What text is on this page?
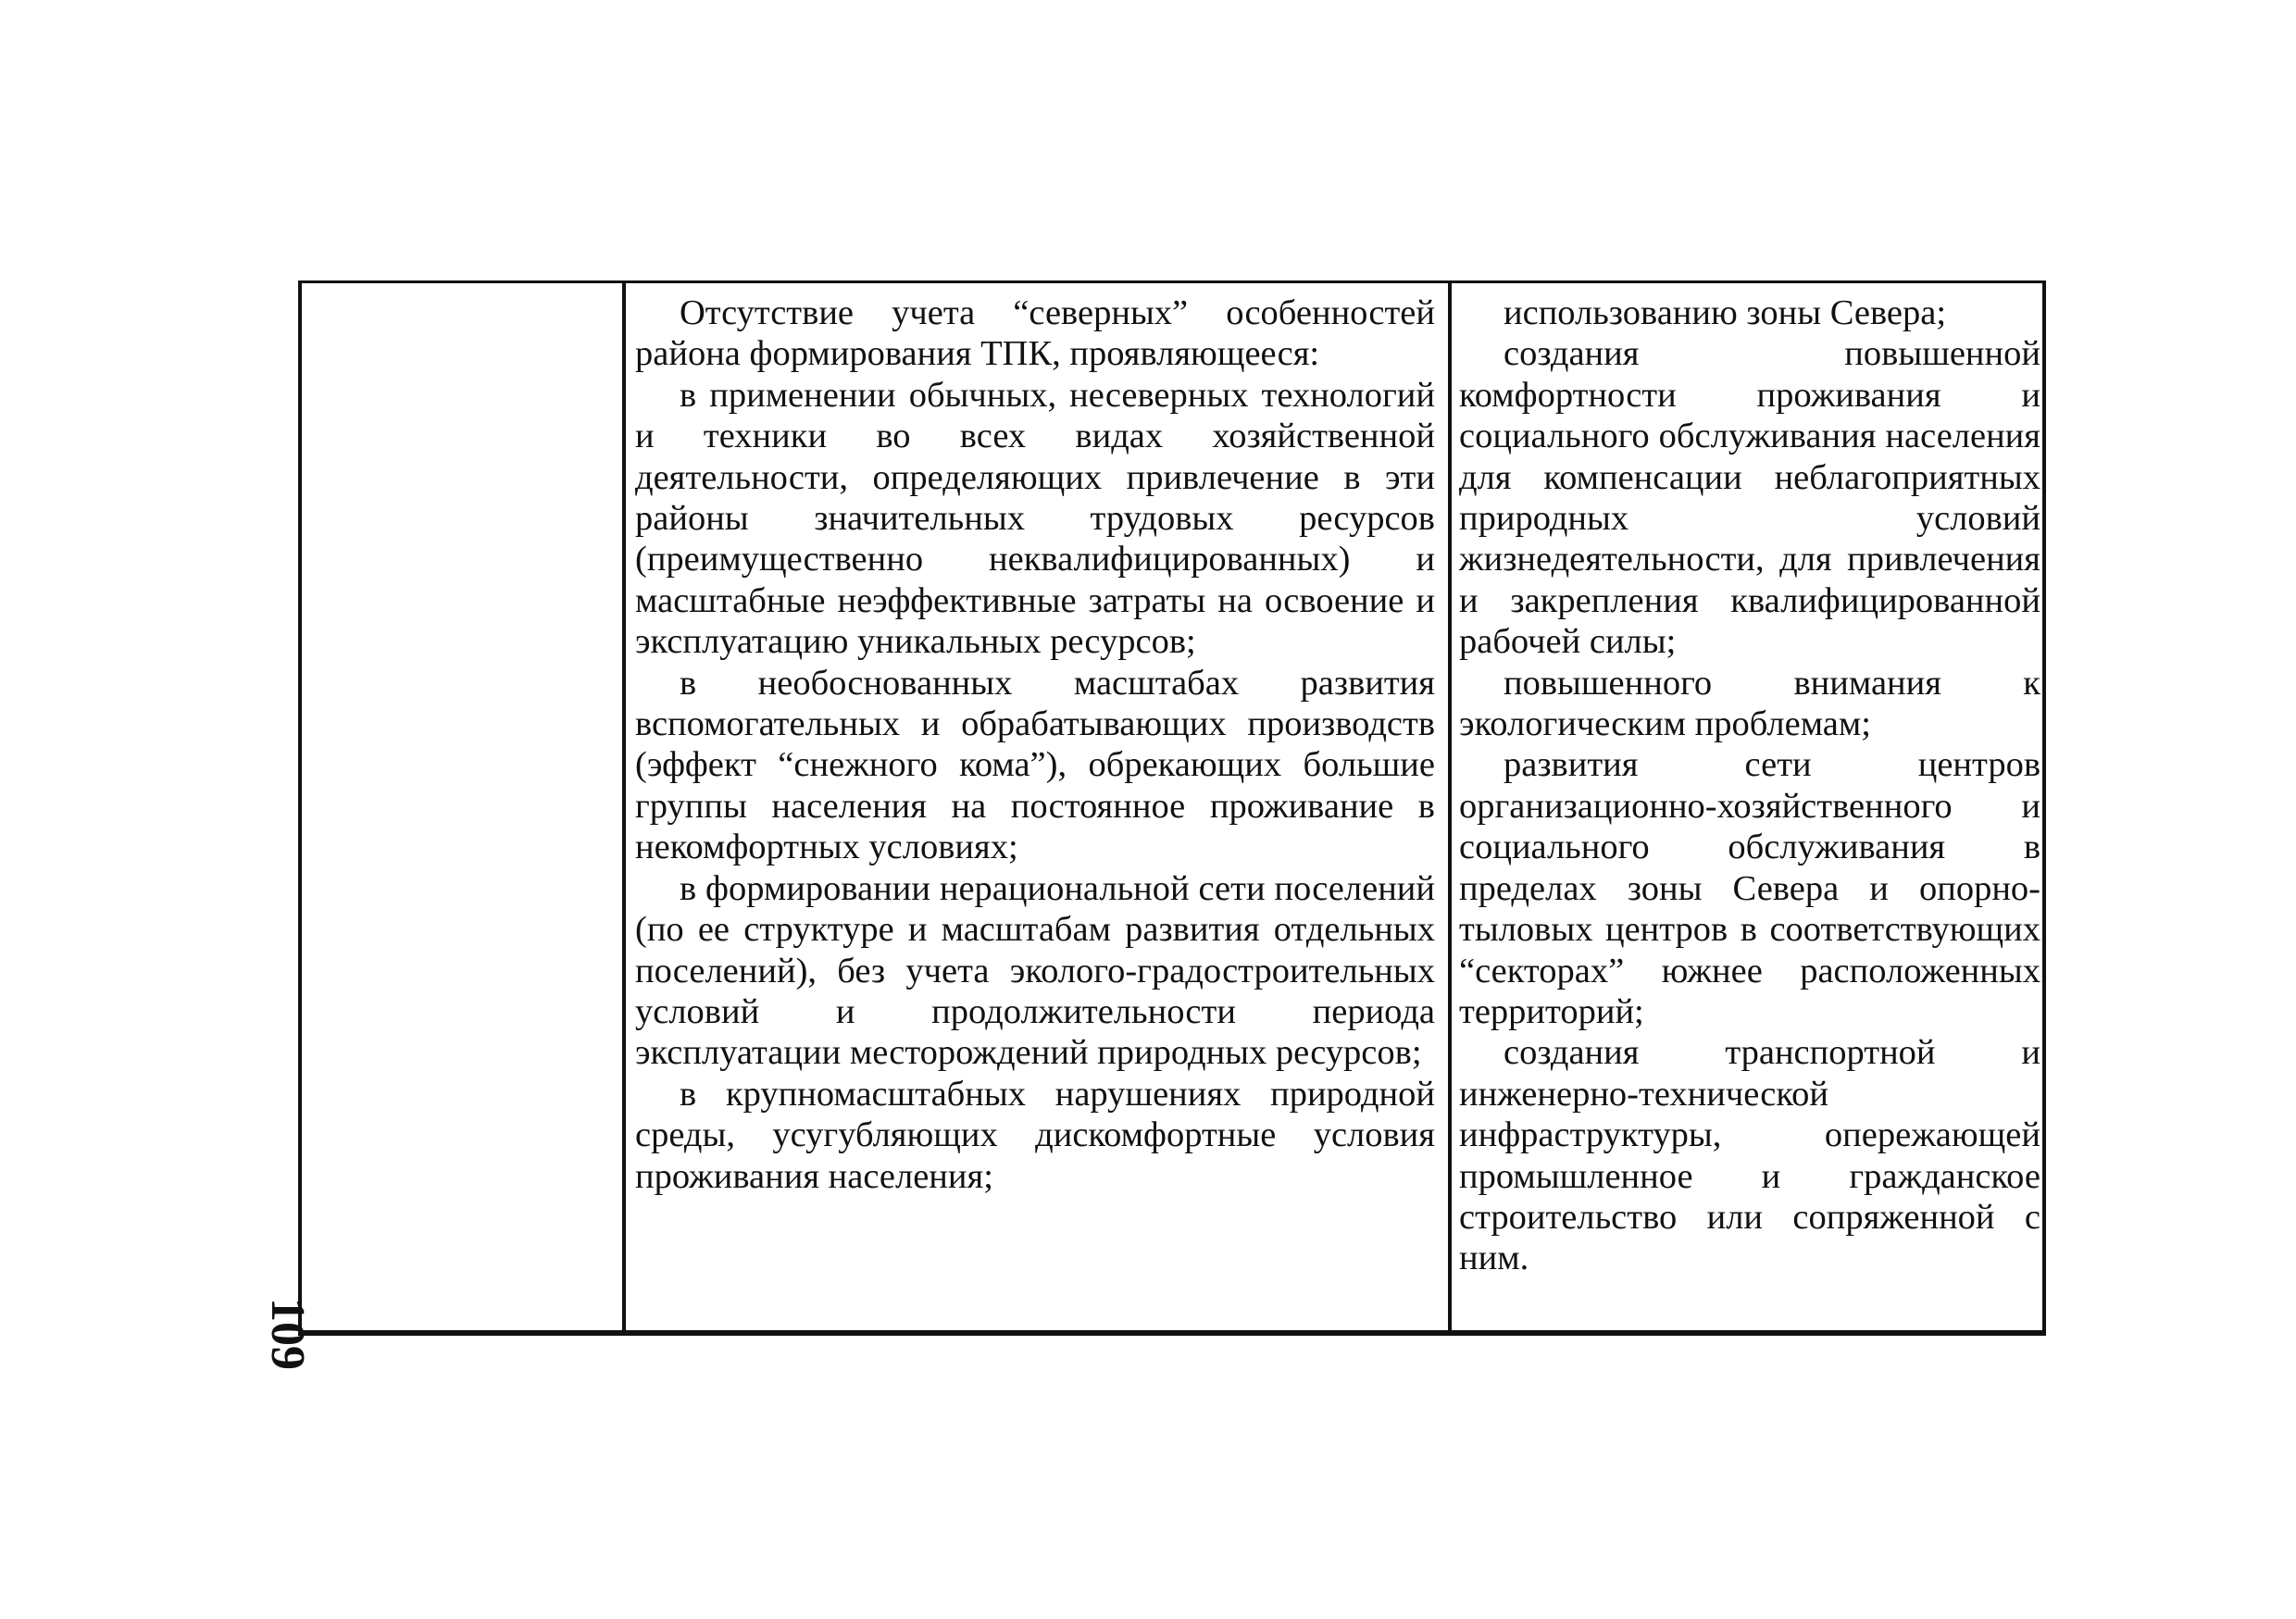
109

Отсутствие учета “северных” особенностей района формирования ТПК, проявляющееся:

в применении обычных, несеверных технологий и техники во всех видах хозяйственной деятельности, определяющих привлечение в эти районы значительных трудовых ресурсов (преимущественно неквалифицированных) и масштабные неэффективные затраты на освоение и эксплуатацию уникальных ресурсов;

в необоснованных масштабах развития вспомогательных и обрабатывающих производств (эффект “снежного кома”), обрекающих большие группы населения на постоянное проживание в некомфортных условиях;

в формировании нерациональной сети поселений (по ее структуре и масштабам развития отдельных поселений), без учета эколого-градостроительных условий и продолжительности периода эксплуатации месторождений природных ресурсов;

в крупномасштабных нарушениях природной среды, усугубляющих дискомфортные условия проживания населения;

использованию зоны Севера;

создания повышенной комфортности проживания и социального обслуживания населения для компенсации неблагоприятных природных условий жизнедеятельности, для привлечения и закрепления квалифицированной рабочей силы;

повышенного внимания к экологическим проблемам;

развития сети центров организационно-хозяйственного и социального обслуживания в пределах зоны Севера и опорно-тыловых центров в соответствующих “секторах” южнее расположенных территорий;

создания транспортной и инженерно-технической инфраструктуры, опережающей промышленное и гражданское строительство или сопряженной с ним.
